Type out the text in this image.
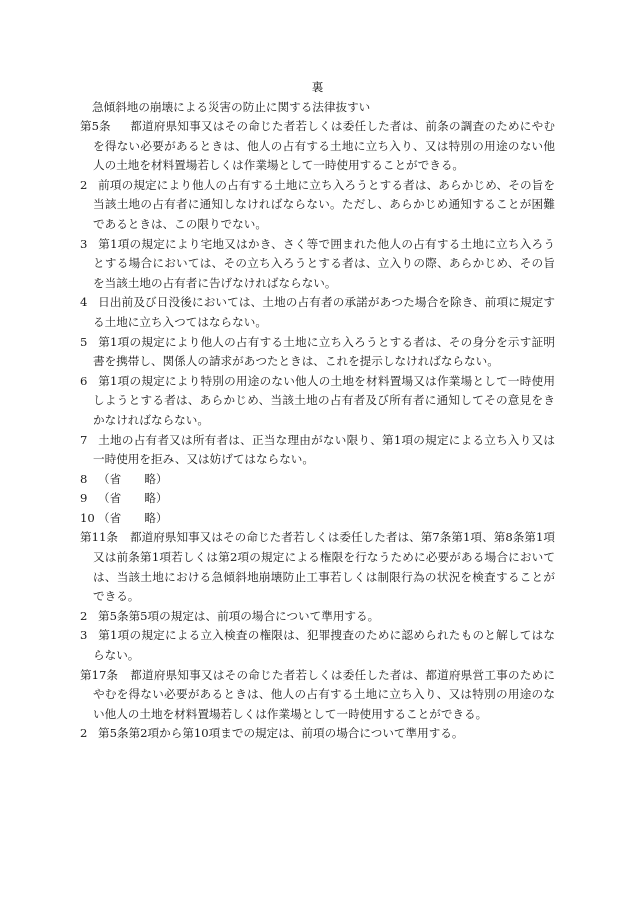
裏
急傾斜地の崩壊による災害の防止に関する法律抜すい

第5条 都道府県知事又はその命じた者若しくは委任した者は、前条の調査のためにやむを得ない必要があるときは、他人の占有する土地に立ち入り、又は特別の用途のない他人の土地を材料置場若しくは作業場として一時使用することができる。

2 前項の規定により他人の占有する土地に立ち入ろうとする者は、あらかじめ、その旨を当該土地の占有者に通知しなければならない。ただし、あらかじめ通知することが困難であるときは、この限りでない。

3 第1項の規定により宅地又はかき、さく等で囲まれた他人の占有する土地に立ち入ろうとする場合においては、その立ち入ろうとする者は、立入りの際、あらかじめ、その旨を当該土地の占有者に告げなければならない。

4 日出前及び日没後においては、土地の占有者の承諾があつた場合を除き、前項に規定する土地に立ち入つてはならない。

5 第1項の規定により他人の占有する土地に立ち入ろうとする者は、その身分を示す証明書を携帯し、関係人の請求があつたときは、これを提示しなければならない。

6 第1項の規定により特別の用途のない他人の土地を材料置場又は作業場として一時使用しようとする者は、あらかじめ、当該土地の占有者及び所有者に通知してその意見をきかなければならない。

7 土地の占有者又は所有者は、正当な理由がない限り、第1項の規定による立ち入り又は一時使用を拒み、又は妨げてはならない。

8 （省　　略）

9 （省　　略）

10 （省　　略）

第11条 都道府県知事又はその命じた者若しくは委任した者は、第7条第1項、第8条第1項又は前条第1項若しくは第2項の規定による権限を行なうために必要がある場合においては、当該土地における急傾斜地崩壊防止工事若しくは制限行為の状況を検査することができる。

2 第5条第5項の規定は、前項の場合について準用する。

3 第1項の規定による立入検査の権限は、犯罪捜査のために認められたものと解してはならない。

第17条 都道府県知事又はその命じた者若しくは委任した者は、都道府県営工事のためにやむを得ない必要があるときは、他人の占有する土地に立ち入り、又は特別の用途のない他人の土地を材料置場若しくは作業場として一時使用することができる。

2 第5条第2項から第10項までの規定は、前項の場合について準用する。
